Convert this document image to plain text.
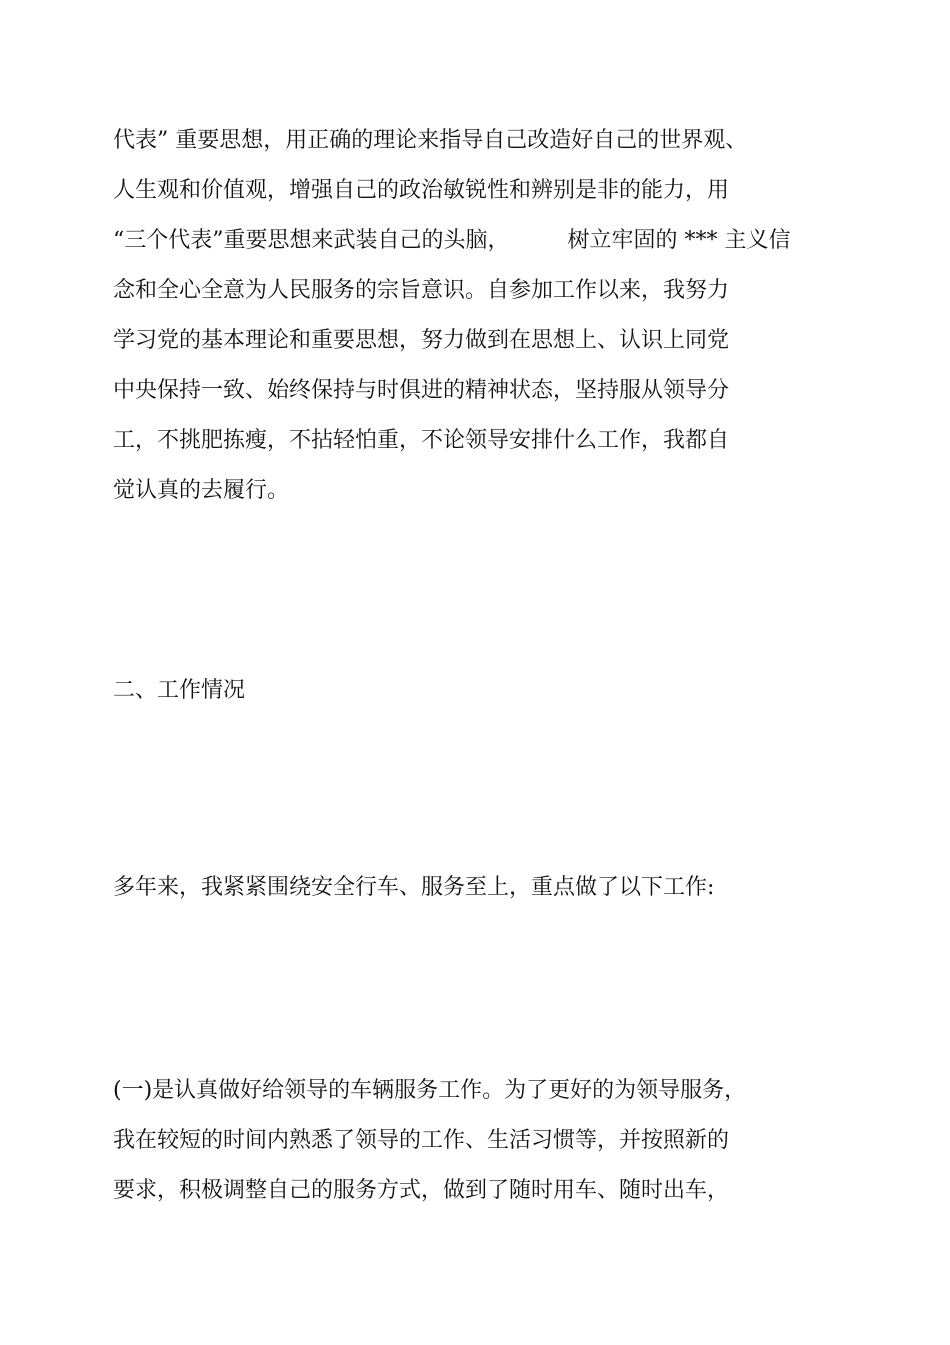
代表” 重要思想，用正确的理论来指导自己改造好自己的世界观、
人生观和价值观，增强自己的政治敏锐性和辨别是非的能力，用
“三个代表”重要思想来武装自己的头脑，	树立牢固的 *** 主义信
念和全心全意为人民服务的宗旨意识。自参加工作以来，我努力
学习党的基本理论和重要思想，努力做到在思想上、认识上同党
中央保持一致、始终保持与时俱进的精神状态，坚持服从领导分
工，不挑肥拣瘦，不拈轻怕重，不论领导安排什么工作，我都自
觉认真的去履行。
二、工作情况
多年来，我紧紧围绕安全行车、服务至上，重点做了以下工作:
(一)是认真做好给领导的车辆服务工作。为了更好的为领导服务，
我在较短的时间内熟悉了领导的工作、生活习惯等，并按照新的
要求，积极调整自己的服务方式，做到了随时用车、随时出车，
